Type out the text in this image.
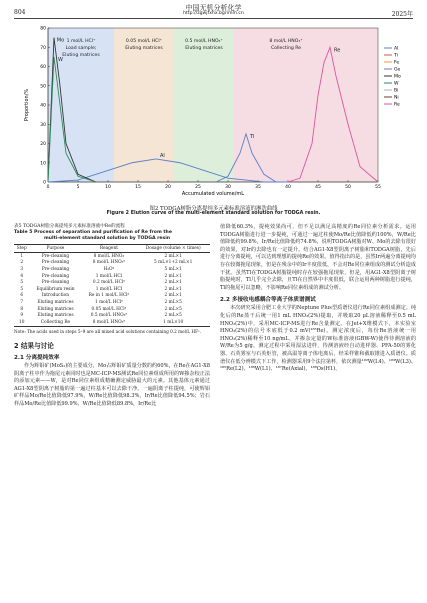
804
中国无机分析化学
http://zgwjfxhx.bgrimm.cn	2025年
0
10
20
30
40
50
60
70
80
0	5	10	15	20	25	30	35	40	45	50	55
Accumulated volume/mL
Proportion/%
Al
Ti
Fe
Ge
Mo
W
Bi
Ni
Re
1 mol/L HCl⁺
Load sample;
Eluting matrices
0.05 mol/L HCl⁺
Eluting matrices
0.5 mol/L HNO₃⁺
Eluting matrices
8 mol/L HNO₃⁺
Collecting Re
W
Mo
Al
Tl
Re
图2 TODGA树脂分离提纯多元素标准溶液的淋洗曲线
Figure 2 Elution curve of the multi-element standard solution for TODGA resin.
表5 TODGA树脂分离提纯多元素标准溶液中Re的流程
Table 5 Process of separation and purification of Re from the
multi-element standard solution by TODGA resin
Step	Purpose	Reagent	Dosage (volume × times)
1	Pre-cleaning	8 mol/L HNO₃	2 mL×1
2	Pre-cleaning	8 mol/L HNO₃ᵃ	5 mL×1+2 mL×1
3	Pre-cleaning	H₂Oᵃ	5 mL×1
4	Pre-cleaning	1 mol/L HCl	2 mL×1
5	Pre-cleaning	0.2 mol/L HClᵃ	2 mL×1
5	Equilibrium resin	1 mol/L HCl	2 mL×1
6	Introduction	Re in 1 mol/L HClᵃ	2 mL×1
7	Eluting matrices	1 mol/L HClᵃ	2 mL×5
8	Eluting matrices	0.05 mol/L HClᵃ	2 mL×5
9	Eluting matrices	0.5 mol/L HNO₃ᵃ	2 mL×5
10	Collecting Re	8 mol/L HNO₃ᵃ	1 mL×10
Note: The acids used in steps 5–9 are all mixed acid solutions containing 0.2 mol/L HFᵃ.
2 结果与讨论
2.1 分离提纯效率

作为辉钼矿(MoS₂)的主要成分，Mo占辉钼矿质量分数的约60%，在Re在AG1-X8阴离子柱中作为拖尾元素同时也是MC-ICP-MS测试Re同位素组成所用的W掺杂校正法的添加元素——W，是对Re同位素组成精确测定威胁最大的元素。其他基体元素通过AG1-X8型阴离子树脂的第一遍过柱基本可以去除干净。一遍阴离子柱提纯，可使辉钼矿样品Mo/Re比值降低97.9%，W/Re比值降低98.3%，Ir/Re比值降低94.5%；岩石样品Mo/Re比值降低99.9%，W/Re比值降低89.8%，Ir/Re比

值降低60.3%，提纯效果尚可，但不足以满足高精度的Re同位素分析需求。运用TODGA树脂进行进一步提纯，可通过一遍过柱使Mo/Re比值降低约100%，W/Re比值降低约99.8%，Ir/Re比值降低约74.8%，说明TODGA树脂对W、Mo的去除有很好的效果，对Ir的去除也有一定提升。结合AG1-X8型阴离子树脂和TODGA树脂，先后进行分离提纯，可以达到理想的提纯Re的效果。值得指出的是，虽然Ir两遍分离提纯均存在较微拖尾现象，但是在残余中的Ir丰度很低，不会对Re同位素组成的测试分析造成干扰。虽然Tl在TODGA树脂提纯时存在较强拖尾现象，但是，用AG1-X8型阴离子树脂提纯时，Tl几乎完全去除，且Tl在自然界中丰度很低，联合运用两种树脂进行提纯，Tl的拖尾可以忽略，不影响Re同位素组成的测试分析。

2.2 多接收电感耦合等离子体质谱测试

本次研究采用合肥工业大学的Neptune Plus型质谱仪进行Re同位素组成测定。纯化后的Re蒸干后统一用1 mL HNO₃(2%)提取，并吸取20 μL溶液稀释至0.5 mL HNO₃(2%)中，采用MC-ICP-MS进行Re含量测定。在Jet+X维模式下，本实验室HNO₃(2%)的信号本底低于0.2 mV(¹⁸⁵Re)。测定浓度后，每份Re溶液统一用HNO₃(2%)稀释至10 ng/mL，并掺杂定量的W标准溶液(GBW-W)使得待测溶液的W/Re为5 g/g。测定过程中采用湿法进样，待测溶液经自动进样器、PFA-50的雾化器、石英雾室与石英炬管，被高温等离子体电离后，经采样锥和截取锥进入质谱仪。质谱仪在低分辨模式下工作，检测器采用9个法拉第杯，依次测量¹⁸²W(L4)、¹⁸³W(L3)、¹⁸⁵Re(L2)、¹⁸⁶W(L1)、¹⁸⁷Re(Axial)、¹⁸⁸Os(H1)、
